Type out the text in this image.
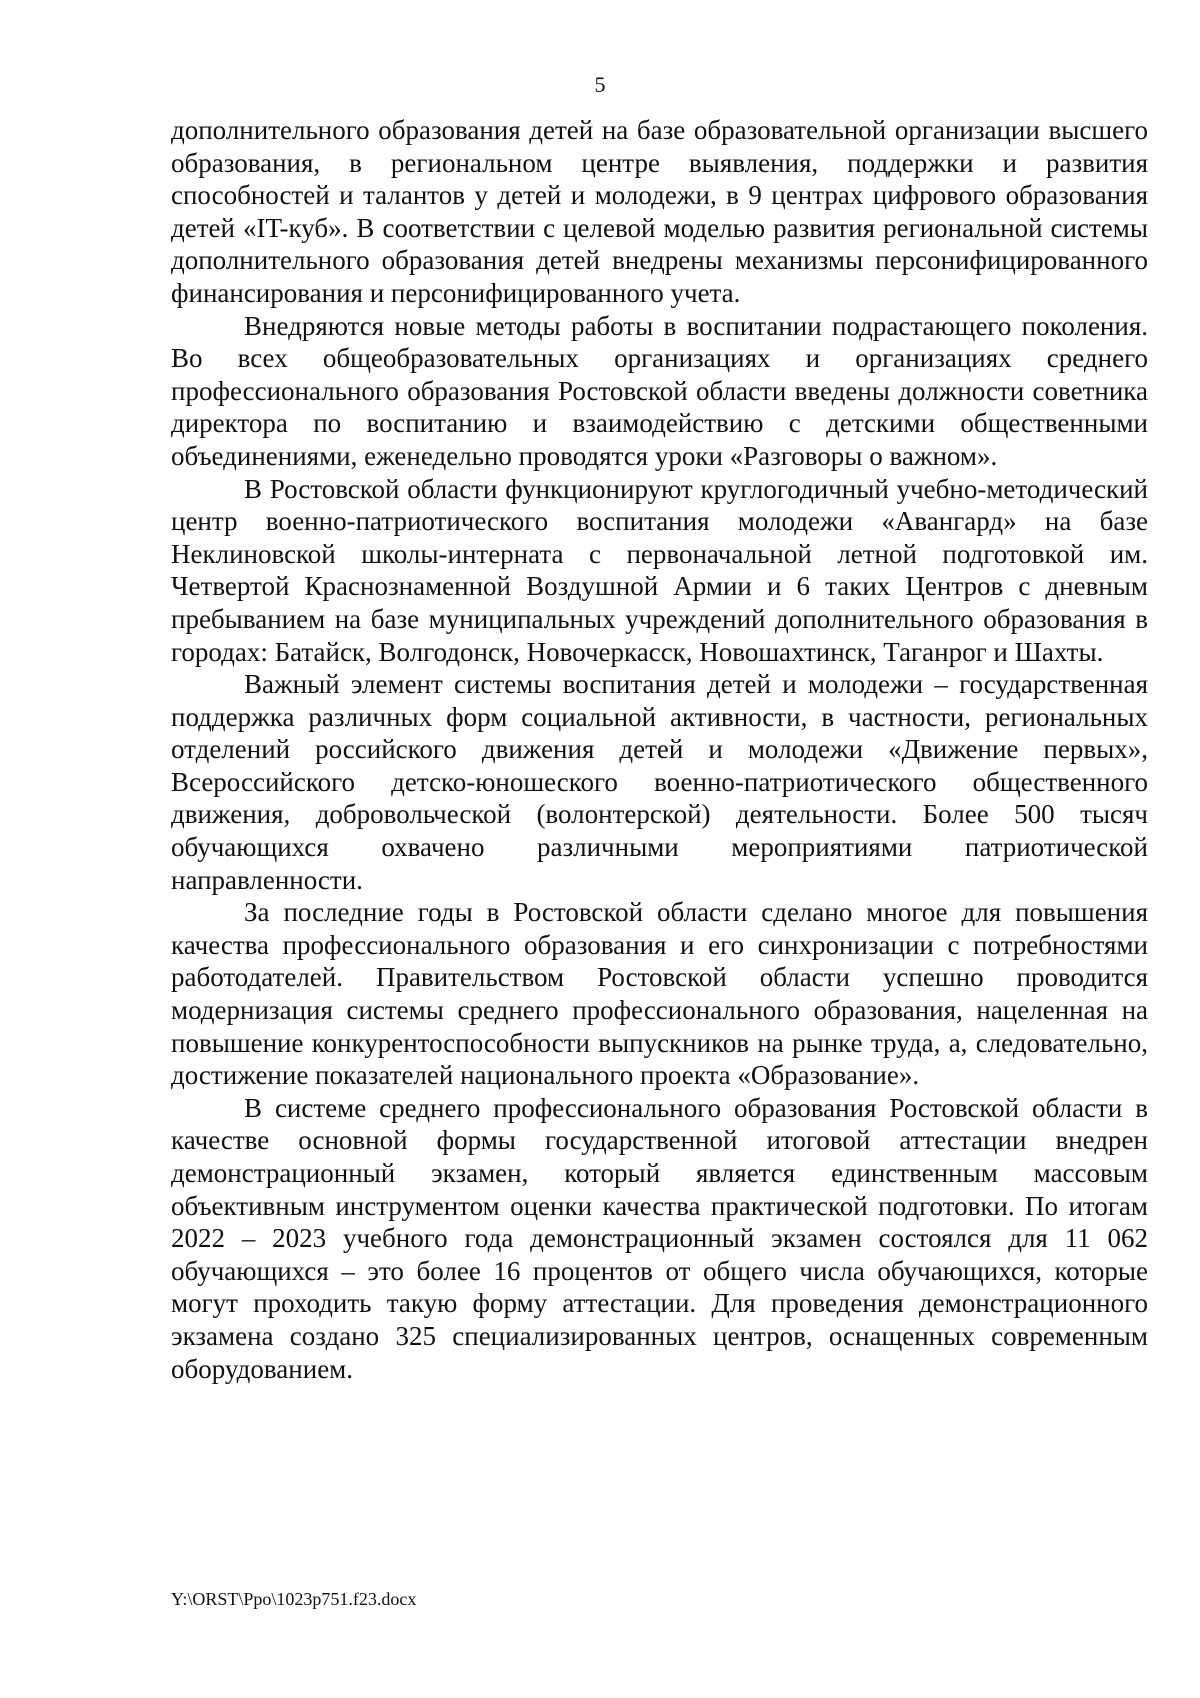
5

дополнительного образования детей на базе образовательной организации высшего образования, в региональном центре выявления, поддержки и развития способностей и талантов у детей и молодежи, в 9 центрах цифрового образования детей «IT-куб». В соответствии с целевой моделью развития региональной системы дополнительного образования детей внедрены механизмы персонифицированного финансирования и персонифицированного учета.

Внедряются новые методы работы в воспитании подрастающего поколения. Во всех общеобразовательных организациях и организациях среднего профессионального образования Ростовской области введены должности советника директора по воспитанию и взаимодействию с детскими общественными объединениями, еженедельно проводятся уроки «Разговоры о важном».

В Ростовской области функционируют круглогодичный учебно-методический центр военно-патриотического воспитания молодежи «Авангард» на базе Неклиновской школы-интерната с первоначальной летной подготовкой им. Четвертой Краснознаменной Воздушной Армии и 6 таких Центров с дневным пребыванием на базе муниципальных учреждений дополнительного образования в городах: Батайск, Волгодонск, Новочеркасск, Новошахтинск, Таганрог и Шахты.

Важный элемент системы воспитания детей и молодежи – государственная поддержка различных форм социальной активности, в частности, региональных отделений российского движения детей и молодежи «Движение первых», Всероссийского детско-юношеского военно-патриотического общественного движения, добровольческой (волонтерской) деятельности. Более 500 тысяч обучающихся охвачено различными мероприятиями патриотической направленности.

За последние годы в Ростовской области сделано многое для повышения качества профессионального образования и его синхронизации с потребностями работодателей. Правительством Ростовской области успешно проводится модернизация системы среднего профессионального образования, нацеленная на повышение конкурентоспособности выпускников на рынке труда, а, следовательно, достижение показателей национального проекта «Образование».

В системе среднего профессионального образования Ростовской области в качестве основной формы государственной итоговой аттестации внедрен демонстрационный экзамен, который является единственным массовым объективным инструментом оценки качества практической подготовки. По итогам 2022 – 2023 учебного года демонстрационный экзамен состоялся для 11 062 обучающихся – это более 16 процентов от общего числа обучающихся, которые могут проходить такую форму аттестации. Для проведения демонстрационного экзамена создано 325 специализированных центров, оснащенных современным оборудованием.

Y:\ORST\Ppo\1023p751.f23.docx
